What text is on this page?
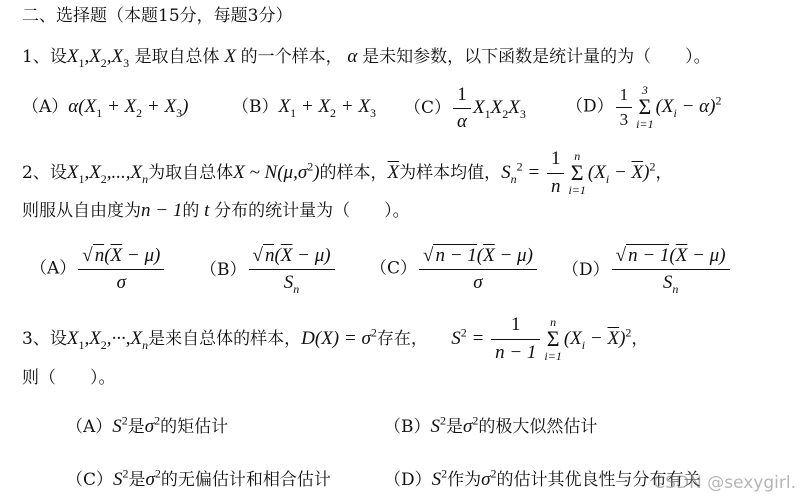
二、选择题（本题15分，每题3分）
1、设$X_1,X_2,X_3$ 是取自总体 X 的一个样本， α 是未知参数，以下函数是统计量的为（　　）。
$(A)\alpha(X_1 + X_2 + X_3)$	$(B)X_1 + X_2 + X_3$ $(C) \frac{1}{\alpha} X_1X_2X_3$ $(D) \frac{1}{3} 3$
Σ
i=1
$(X_i - \alpha)^2$
2、设$X_1,X_2,...,X_n$为取自总体X ~ $N(\mu,\sigma^2)$的样本，$\overline{X}$为样本均值，$S_n^2 = \frac{1}{n}$ n
Σ
i=1
$(X_i - \overline{X})^2$，
则服从自由度为n − 1的 t 分布的统计量为（　　）。
$(A) \frac{√ n(\overline{X} - \mu)}{\sigma} (B) \frac{√ n(\overline{X} - \mu)}{S_n} (C) \frac{√ n - 1(\overline{X} - \mu)}{\sigma} (D) \frac{√ n - 1(\overline{X} - \mu)}{S_n}$
3、设$X_1,X_2,\cdot\cdot\cdot,X_n$是来自总体的样本，$D(X) = \sigma^2$存在， $S^2 = \frac{1}{n - 1}$ n
Σ
i=1
$(X_i - \overline{X})^2$，
则（　　）。
$(A)S^2$是$\sigma^2$的矩估计	$(B)S^2$是$\sigma^2$的极大似然估计
$(C)S^2$是$\sigma^2$的无偏估计和相合估计	$(D)S^2$作为$\sigma^2$的估计其优良性与分布有关
CSDN @sexygirl.
